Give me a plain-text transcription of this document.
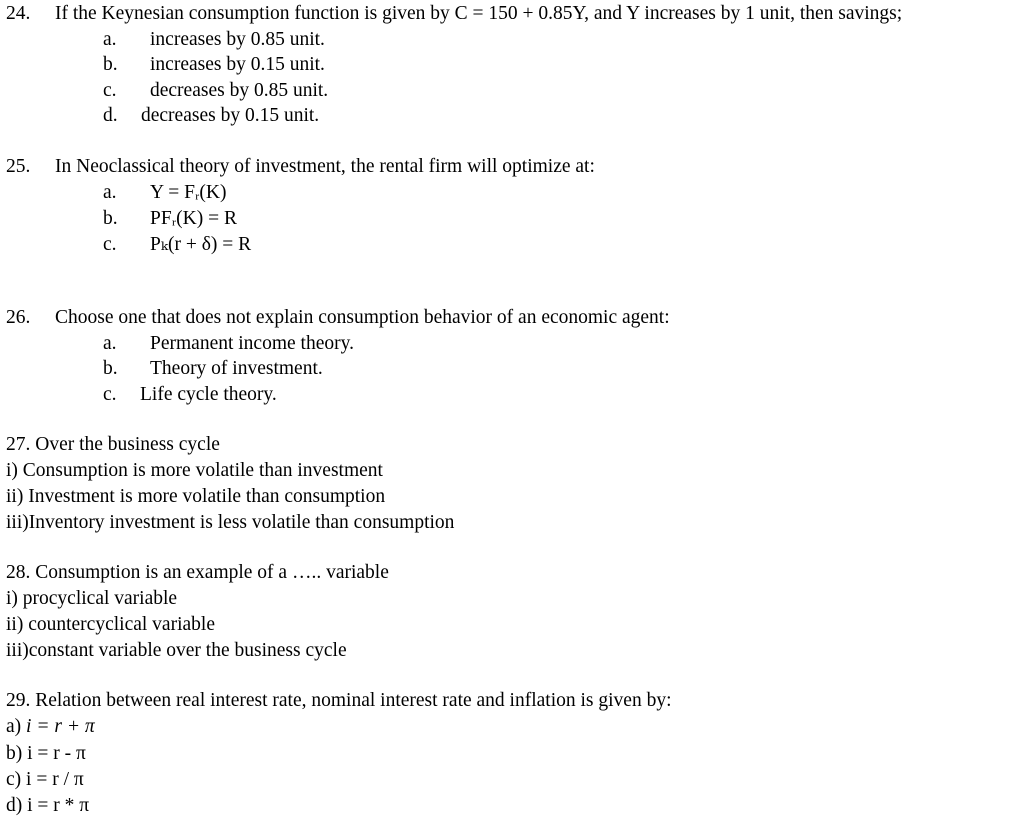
24. If the Keynesian consumption function is given by C = 150 + 0.85Y, and Y increases by 1 unit, then savings;
a. increases by 0.85 unit.
b. increases by 0.15 unit.
c. decreases by 0.85 unit.
d. decreases by 0.15 unit.
25. In Neoclassical theory of investment, the rental firm will optimize at:
a. Y = Fᵣ(K)
b. PFᵣ(K) = R
c. Pₖ(r + δ) = R
26. Choose one that does not explain consumption behavior of an economic agent:
a. Permanent income theory.
b. Theory of investment.
c. Life cycle theory.
27. Over the business cycle
i) Consumption is more volatile than investment
ii) Investment is more volatile than consumption
iii)Inventory investment is less volatile than consumption
28. Consumption is an example of a ….. variable
i) procyclical variable
ii) countercyclical variable
iii)constant variable over the business cycle
29. Relation between real interest rate, nominal interest rate and inflation is given by:
a) i = r + π
b) i = r - π
c) i = r / π
d) i = r * π
